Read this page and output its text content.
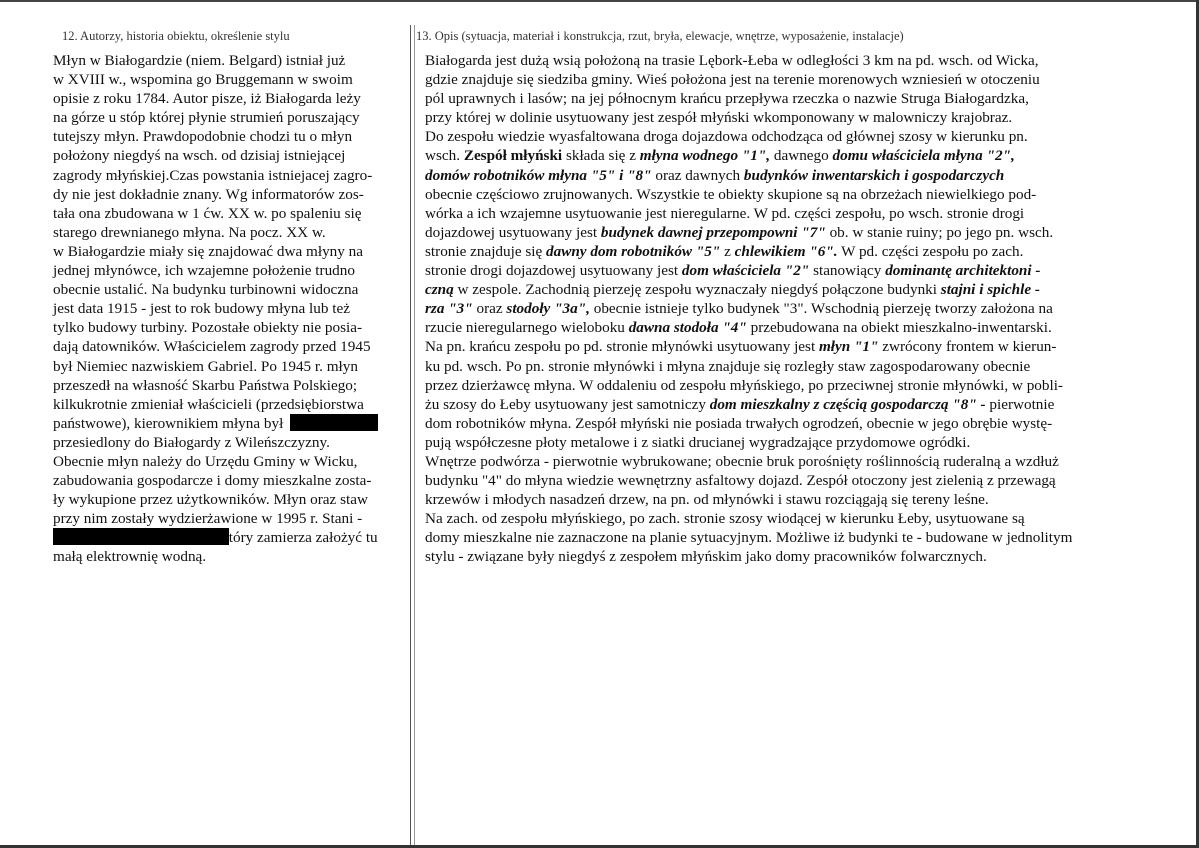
12. Autorzy, historia obiektu, określenie stylu	13. Opis (sytuacja, materiał i konstrukcja, rzut, bryła, elewacje, wnętrze, wyposażenie, instalacje)
Młyn w Białogardzie (niem. Belgard) istniał już
w XVIII w., wspomina go Bruggemann w swoim
opisie z roku 1784. Autor pisze, iż Białogarda leży
na górze u stóp której płynie strumień poruszający
tutejszy młyn. Prawdopodobnie chodzi tu o młyn
położony niegdyś na wsch. od dzisiaj istniejącej
zagrody młyńskiej.Czas powstania istniejacej zagro-
dy nie jest dokładnie znany. Wg informatorów zos-
tała ona zbudowana w 1 ćw. XX w. po spaleniu się
starego drewnianego młyna. Na pocz. XX w.
w Białogardzie miały się znajdować dwa młyny na
jednej młynówce, ich wzajemne położenie trudno
obecnie ustalić. Na budynku turbinowni widoczna
jest data 1915 - jest to rok budowy młyna lub też
tylko budowy turbiny. Pozostałe obiekty nie posia-
dają datowników. Właścicielem zagrody przed 1945
był Niemiec nazwiskiem Gabriel. Po 1945 r. młyn
przeszedł na własność Skarbu Państwa Polskiego;
kilkukrotnie zmieniał właścicieli (przedsiębiorstwa
państwowe), kierownikiem młyna był
przesiedlony do Białogardy z Wileńszczyzny.
Obecnie młyn należy do Urzędu Gminy w Wicku,
zabudowania gospodarcze i domy mieszkalne zosta-
ły wykupione przez użytkowników. Młyn oraz staw
przy nim zostały wydzierżawione w 1995 r. Stani -
tóry zamierza założyć tu
małą elektrownię wodną.
Białogarda jest dużą wsią położoną na trasie Lębork-Łeba w odległości 3 km na pd. wsch. od Wicka,
gdzie znajduje się siedziba gminy. Wieś położona jest na terenie morenowych wzniesień w otoczeniu
pól uprawnych i lasów; na jej północnym krańcu przepływa rzeczka o nazwie Struga Białogardzka,
przy której w dolinie usytuowany jest zespół młyński wkomponowany w malowniczy krajobraz.
Do zespołu wiedzie wyasfaltowana droga dojazdowa odchodząca od głównej szosy w kierunku pn.
wsch. Zespół młyński składa się z młyna wodnego "1", dawnego domu właściciela młyna "2",
domów robotników młyna "5" i "8" oraz dawnych budynków inwentarskich i gospodarczych
obecnie częściowo zrujnowanych. Wszystkie te obiekty skupione są na obrzeżach niewielkiego pod-
wórka a ich wzajemne usytuowanie jest nieregularne. W pd. części zespołu, po wsch. stronie drogi
dojazdowej usytuowany jest budynek dawnej przepompowni "7" ob. w stanie ruiny; po jego pn. wsch.
stronie znajduje się dawny dom robotników "5" z chlewikiem "6". W pd. części zespołu po zach.
stronie drogi dojazdowej usytuowany jest dom właściciela "2" stanowiący dominantę architektoni -
czną w zespole. Zachodnią pierzeję zespołu wyznaczały niegdyś połączone budynki stajni i spichle -
rza "3" oraz stodoły "3a", obecnie istnieje tylko budynek "3". Wschodnią pierzeję tworzy założona na
rzucie nieregularnego wieloboku dawna stodoła "4" przebudowana na obiekt mieszkalno-inwentarski.
Na pn. krańcu zespołu po pd. stronie młynówki usytuowany jest młyn "1" zwrócony frontem w kierun-
ku pd. wsch. Po pn. stronie młynówki i młyna znajduje się rozległy staw zagospodarowany obecnie
przez dzierżawcę młyna. W oddaleniu od zespołu młyńskiego, po przeciwnej stronie młynówki, w pobli-
żu szosy do Łeby usytuowany jest samotniczy dom mieszkalny z częścią gospodarczą "8" - pierwotnie
dom robotników młyna. Zespół młyński nie posiada trwałych ogrodzeń, obecnie w jego obrębie wystę-
pują współczesne płoty metalowe i z siatki drucianej wygradzające przydomowe ogródki.
Wnętrze podwórza - pierwotnie wybrukowane; obecnie bruk porośnięty roślinnością ruderalną a wzdłuż
budynku "4" do młyna wiedzie wewnętrzny asfaltowy dojazd. Zespół otoczony jest zielenią z przewagą
krzewów i młodych nasadzeń drzew, na pn. od młynówki i stawu rozciągają się tereny leśne.
Na zach. od zespołu młyńskiego, po zach. stronie szosy wiodącej w kierunku Łeby, usytuowane są
domy mieszkalne nie zaznaczone na planie sytuacyjnym. Możliwe iż budynki te - budowane w jednolitym
stylu - związane były niegdyś z zespołem młyńskim jako domy pracowników folwarcznych.
